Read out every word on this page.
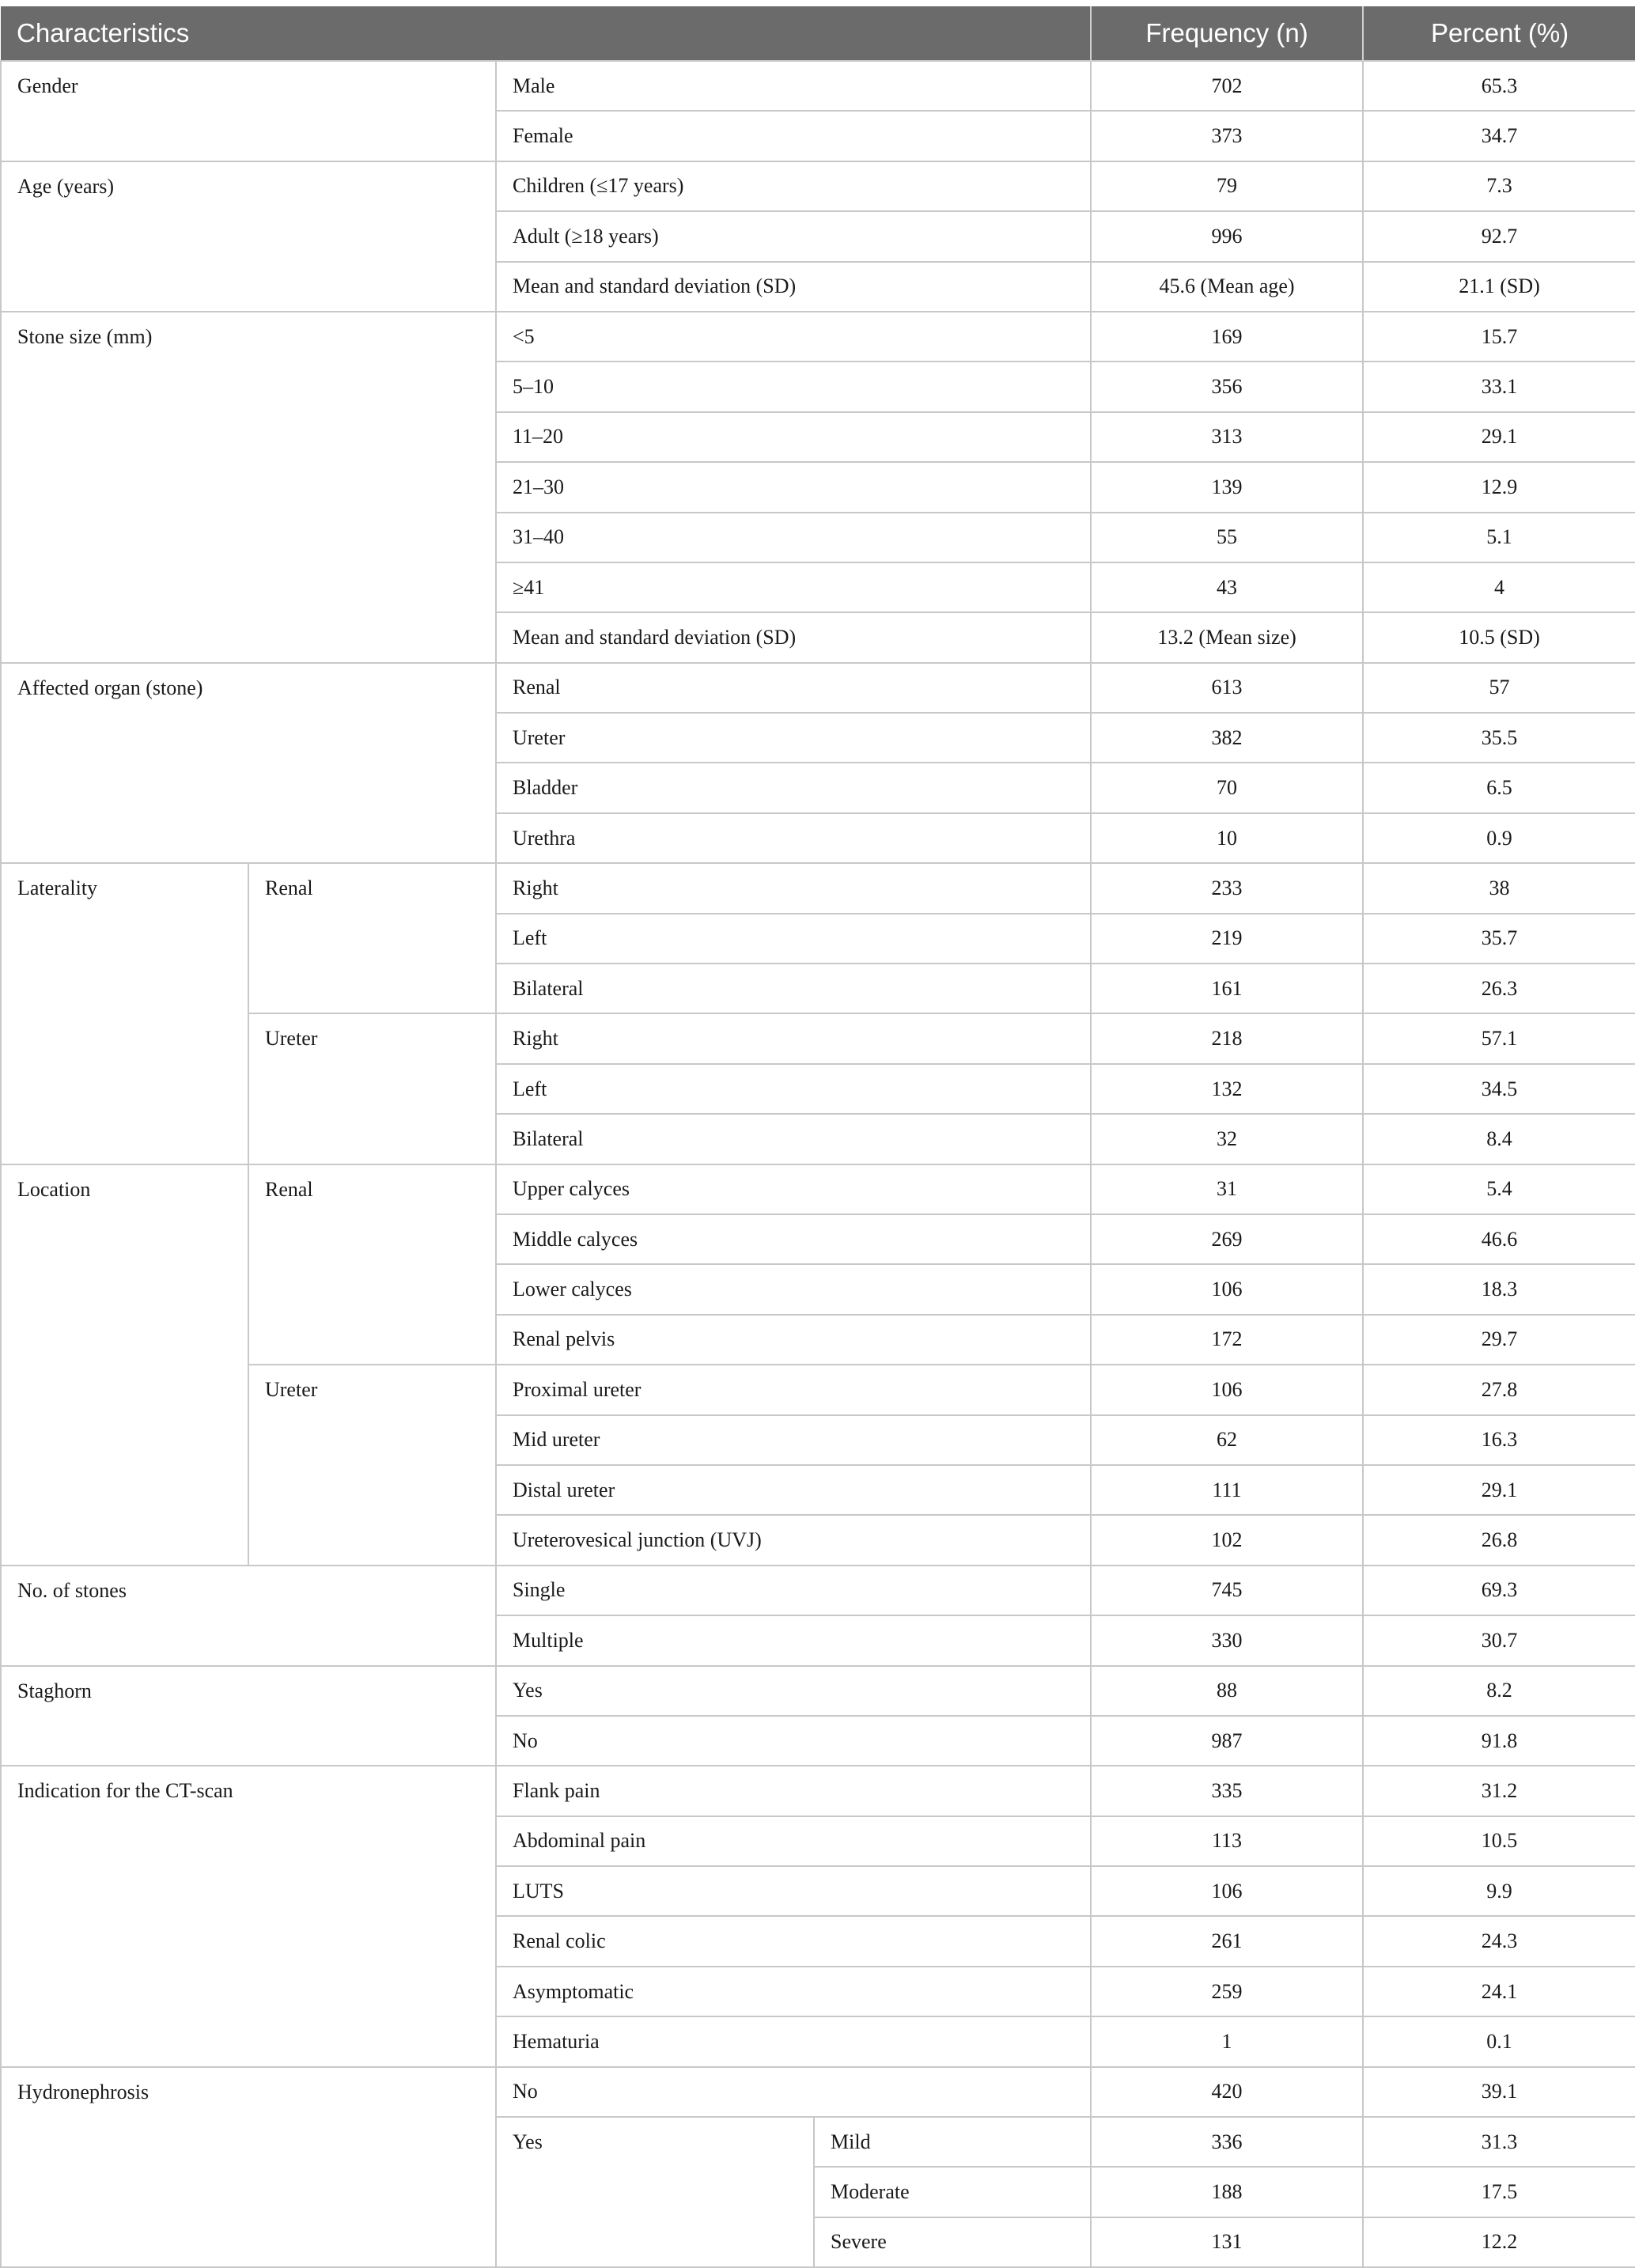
Characteristics				Frequency (n)	Percent (%)
Gender		Male		702	65.3
		Female		373	34.7
Age (years)		Children (≤17 years)		79	7.3
		Adult (≥18 years)		996	92.7
		Mean and standard deviation (SD)		45.6 (Mean age)	21.1 (SD)
Stone size (mm)		<5		169	15.7
		5–10		356	33.1
		11–20		313	29.1
		21–30		139	12.9
		31–40		55	5.1
		≥41		43	4
		Mean and standard deviation (SD)		13.2 (Mean size)	10.5 (SD)
Affected organ (stone)		Renal		613	57
		Ureter		382	35.5
		Bladder		70	6.5
		Urethra		10	0.9
Laterality	Renal	Right		233	38
		Left		219	35.7
		Bilateral		161	26.3
	Ureter	Right		218	57.1
		Left		132	34.5
		Bilateral		32	8.4
Location	Renal	Upper calyces		31	5.4
		Middle calyces		269	46.6
		Lower calyces		106	18.3
		Renal pelvis		172	29.7
	Ureter	Proximal ureter		106	27.8
		Mid ureter		62	16.3
		Distal ureter		111	29.1
		Ureterovesical junction (UVJ)		102	26.8
No. of stones		Single		745	69.3
		Multiple		330	30.7
Staghorn		Yes		88	8.2
		No		987	91.8
Indication for the CT-scan		Flank pain		335	31.2
		Abdominal pain		113	10.5
		LUTS		106	9.9
		Renal colic		261	24.3
		Asymptomatic		259	24.1
		Hematuria		1	0.1
Hydronephrosis		No		420	39.1
		Yes	Mild	336	31.3
			Moderate	188	17.5
			Severe	131	12.2
